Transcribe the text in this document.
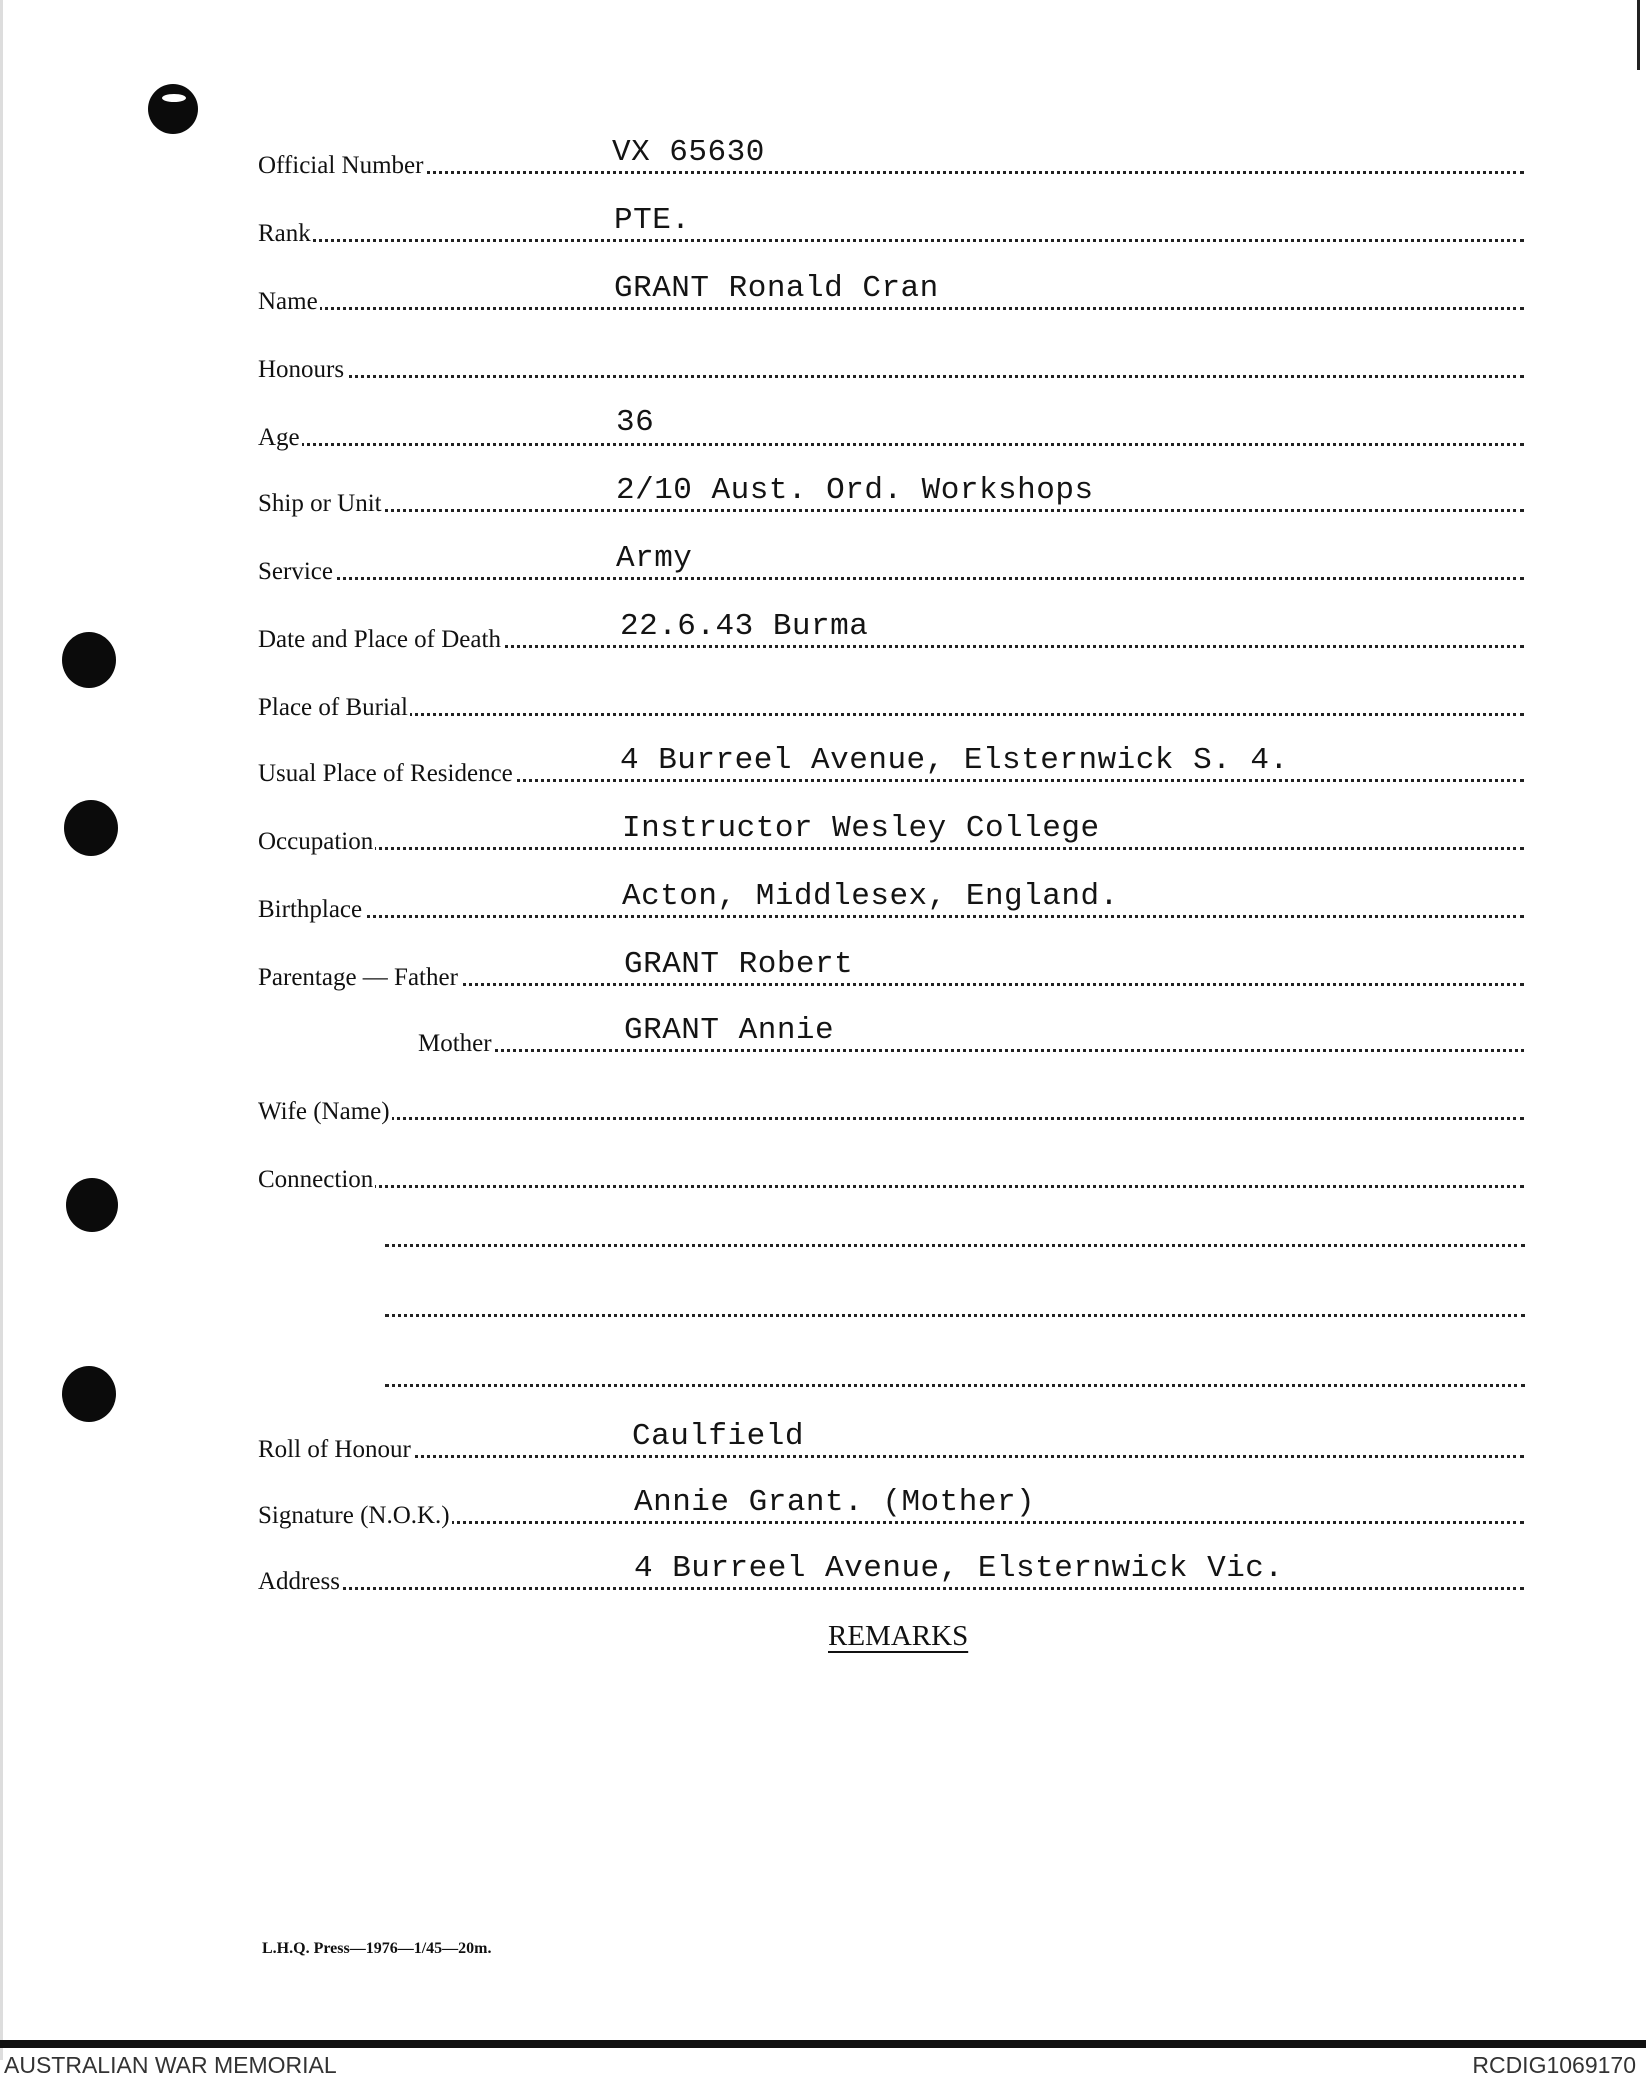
Official Number	VX 65630
Rank	PTE.
Name	GRANT Ronald Cran
Honours
Age	36
Ship or Unit	2/10 Aust. Ord. Workshops
Service	Army
Date and Place of Death	22.6.43 Burma
Place of Burial
Usual Place of Residence	4 Burreel Avenue, Elsternwick S. 4.
Occupation	Instructor Wesley College
Birthplace	Acton, Middlesex, England.
Parentage — Father	GRANT Robert
Mother	GRANT Annie
Wife (Name)
Connection
Roll of Honour	Caulfield
Signature (N.O.K.)	Annie Grant. (Mother)
Address	4 Burreel Avenue, Elsternwick Vic.
REMARKS
L.H.Q. Press—1976—1/45—20m.
AUSTRALIAN WAR MEMORIAL	RCDIG1069170
